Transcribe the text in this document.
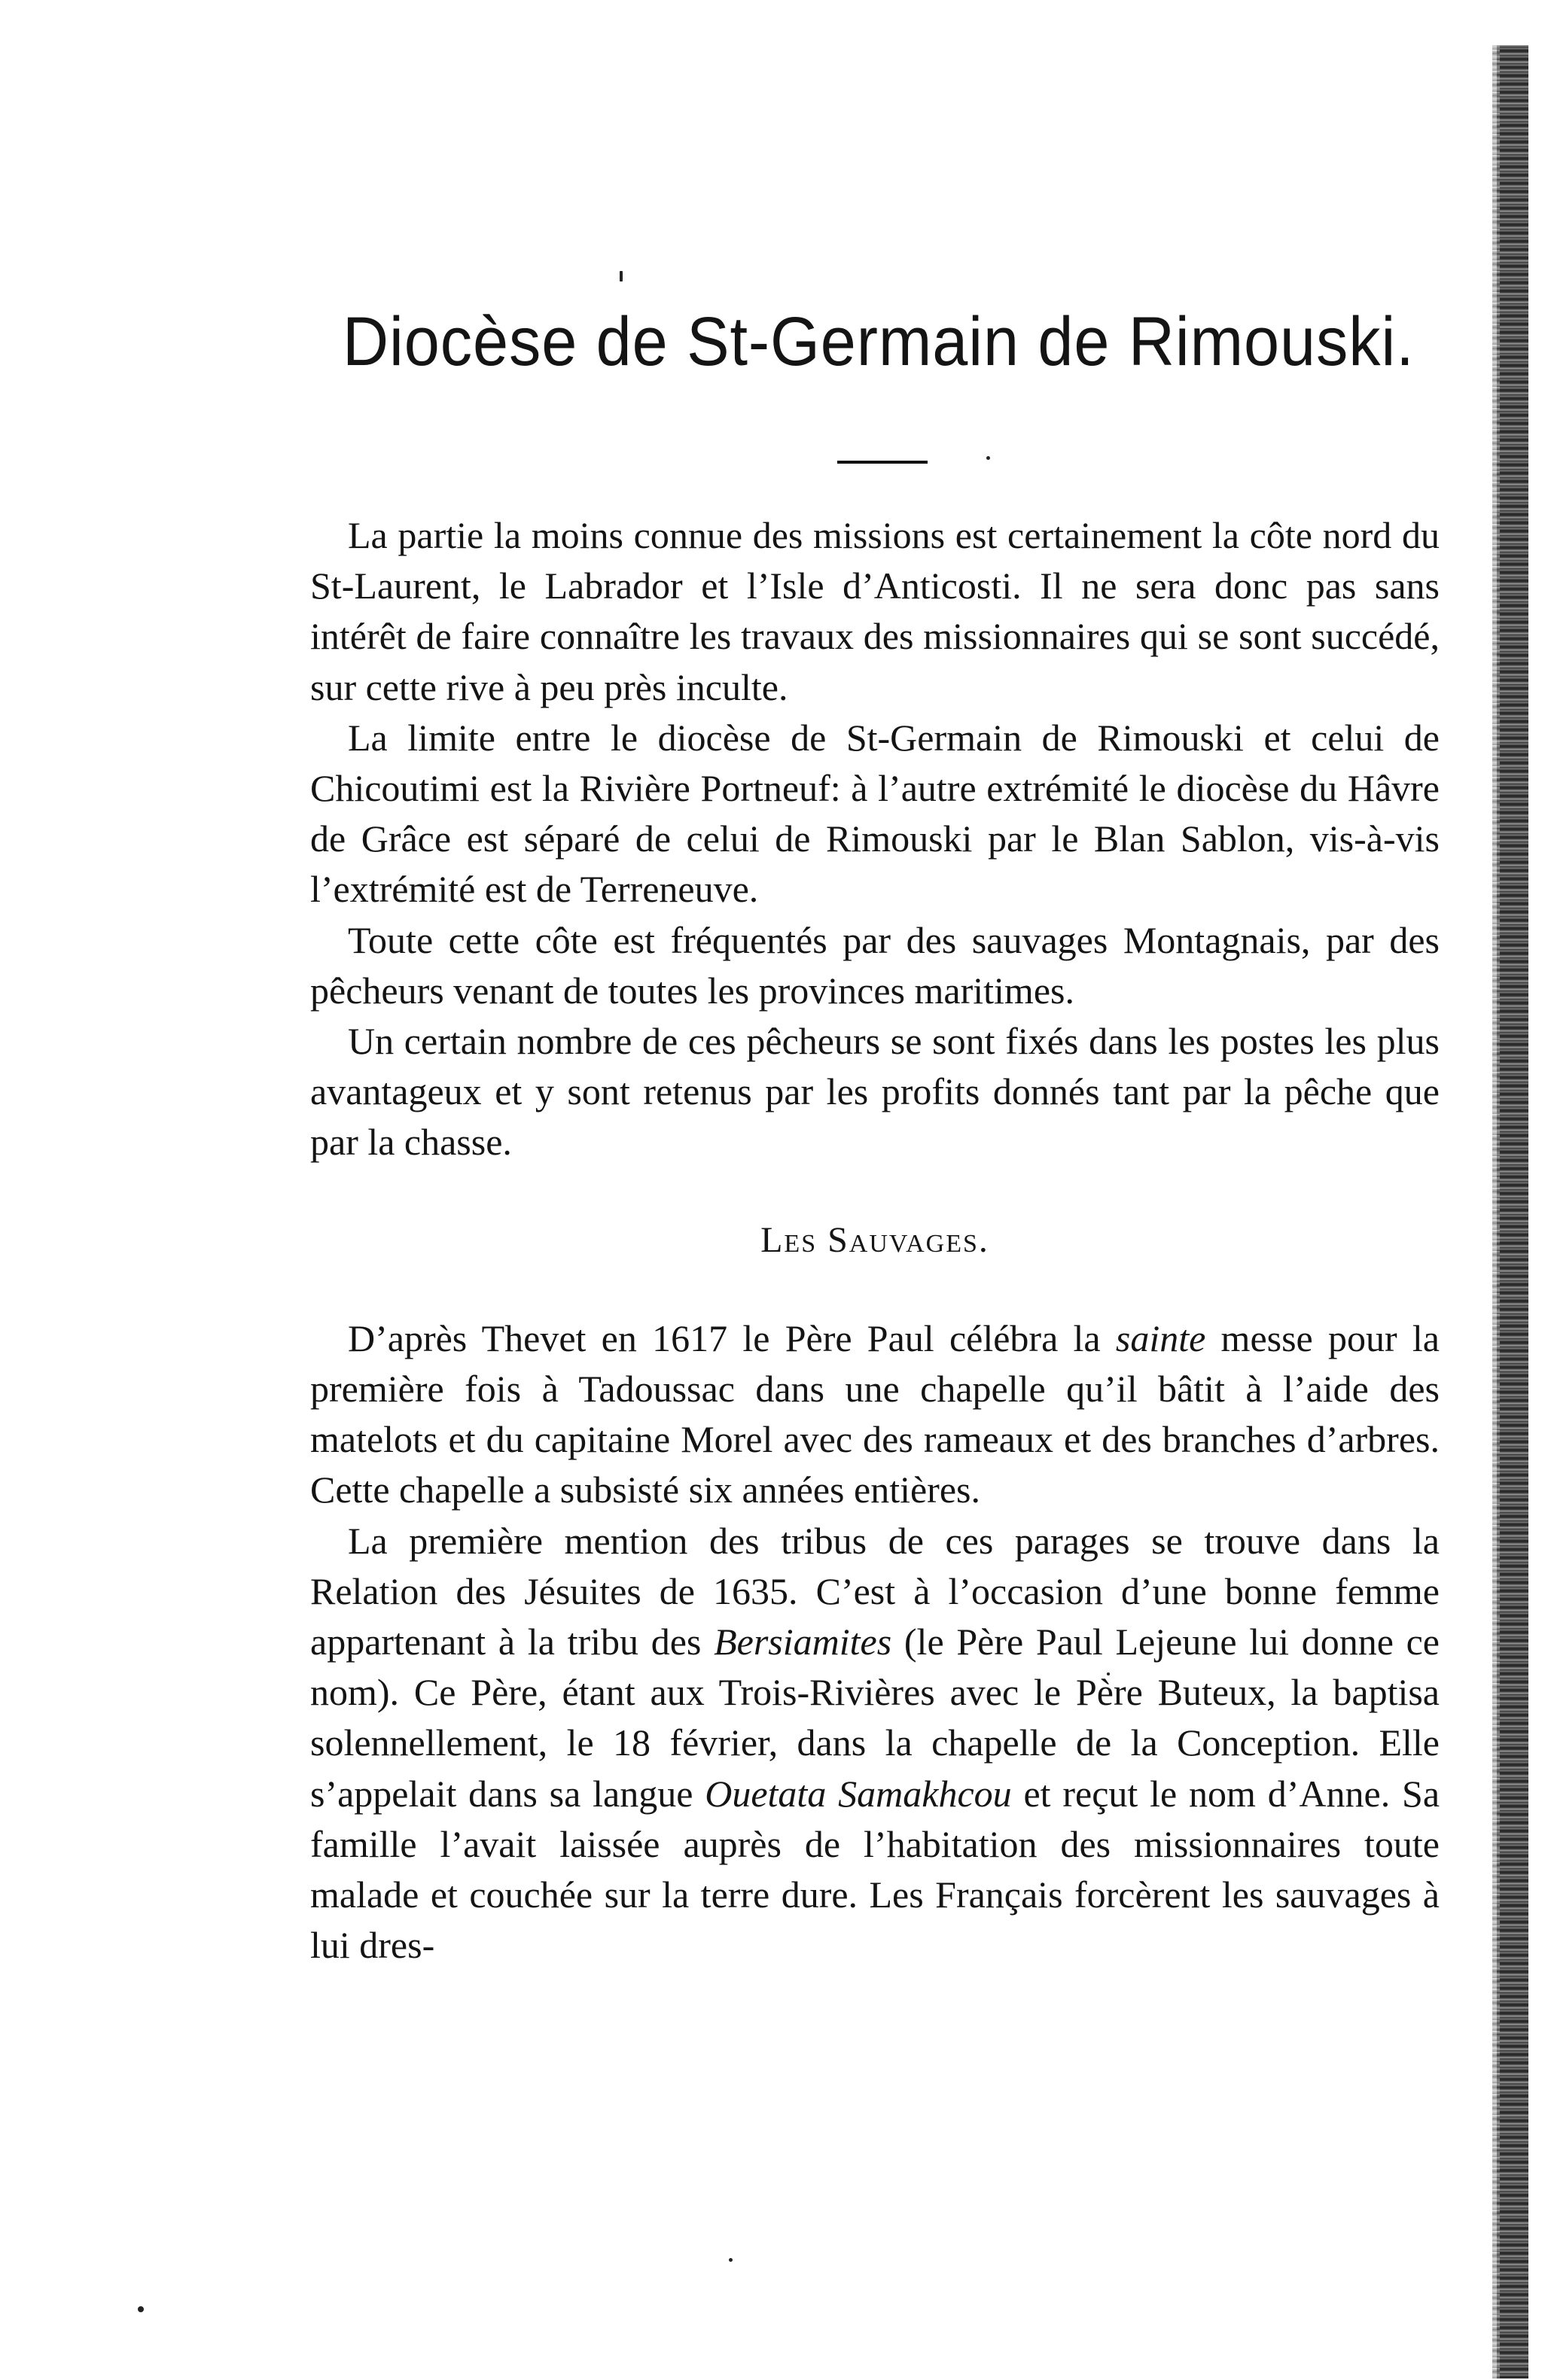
Diocèse de St-Germain de Rimouski.

La partie la moins connue des missions est certainement la côte nord du St-Laurent, le Labrador et l’Isle d’Anticosti. Il ne sera donc pas sans intérêt de faire connaître les travaux des missionnaires qui se sont succédé, sur cette rive à peu près inculte.

La limite entre le diocèse de St-Germain de Rimouski et celui de Chicoutimi est la Rivière Portneuf: à l’autre extrémité le diocèse du Hâvre de Grâce est séparé de celui de Rimouski par le Blan Sablon, vis-à-vis l’extrémité est de Terreneuve.

Toute cette côte est fréquentés par des sauvages Montagnais, par des pêcheurs venant de toutes les provinces maritimes.

Un certain nombre de ces pêcheurs se sont fixés dans les postes les plus avantageux et y sont retenus par les profits donnés tant par la pêche que par la chasse.

Les Sauvages.

D’après Thevet en 1617 le Père Paul célébra la sainte messe pour la première fois à Tadoussac dans une chapelle qu’il bâtit à l’aide des matelots et du capitaine Morel avec des rameaux et des branches d’arbres. Cette chapelle a subsisté six années entières.

La première mention des tribus de ces parages se trouve dans la Relation des Jésuites de 1635. C’est à l’occasion d’une bonne femme appartenant à la tribu des Bersiamites (le Père Paul Lejeune lui donne ce nom). Ce Père, étant aux Trois-Rivières avec le Père Buteux, la baptisa solennellement, le 18 février, dans la chapelle de la Conception. Elle s’appelait dans sa langue Ouetata Samakhcou et reçut le nom d’Anne. Sa famille l’avait laissée auprès de l’habitation des missionnaires toute malade et couchée sur la terre dure. Les Français forcèrent les sauvages à lui dres-
